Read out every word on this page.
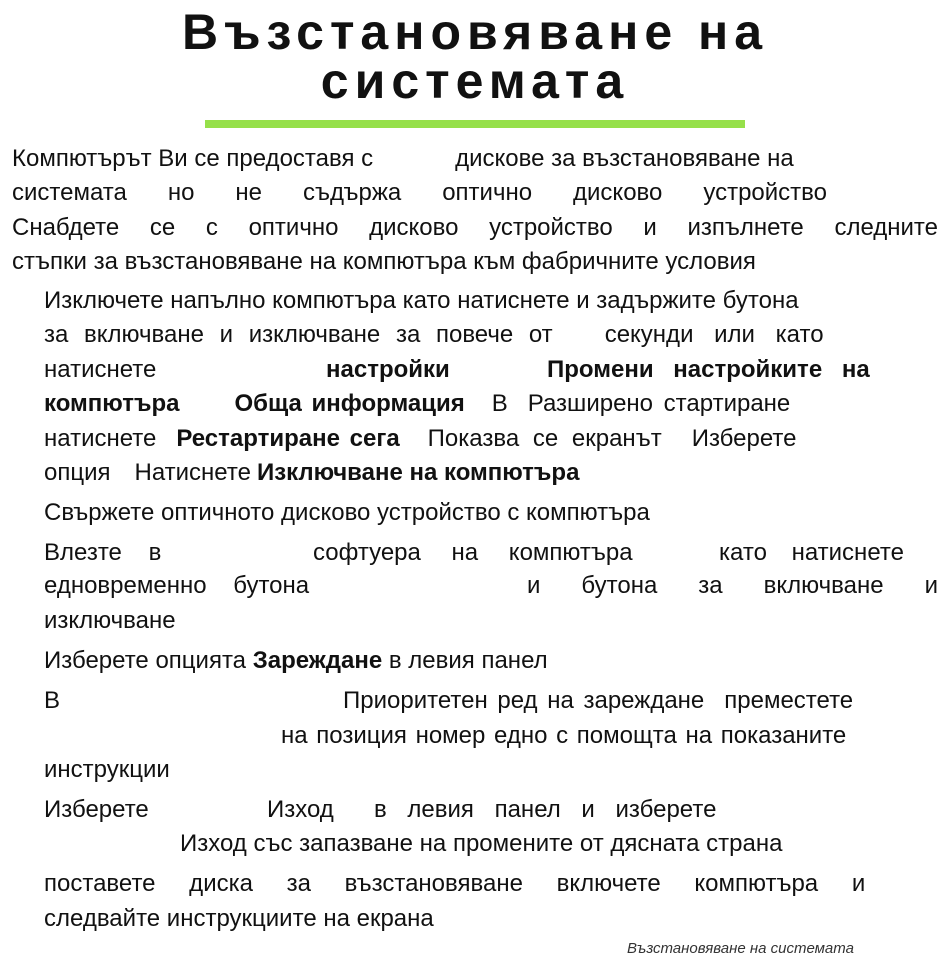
Възстановяване на
системата
Компютърът Ви се предоставя с	дискове за възстановяване на
системата но не съдържа оптично дисково устройство
Снабдете се с оптично дисково устройство и изпълнете следните
стъпки за възстановяване на компютъра към фабричните условия
Изключете напълно компютъра като натиснете и задържите бутона
за включване и изключване за повече от секунди или като
натиснете	настройки	Промени настройките на
компютъра Обща информация В Разширено стартиране
натиснете Рестартиране сега Показва се екранът Изберете
опция Натиснете Изключване на компютъра
Свържете оптичното дисково устройство с компютъра
Влезте в	софтуера на компютъра	като натиснете
едновременно бутона	и бутона за включване и
изключване
Изберете опцията Зареждане в левия панел
В	Приоритетен ред на зареждане преместете
на позиция номер едно с помощта на показаните
инструкции
Изберете	Изход в левия панел и изберете
Изход със запазване на промените от дясната страна
поставете диска за възстановяване включете компютъра и
следвайте инструкциите на екрана
Възстановяване на системата
